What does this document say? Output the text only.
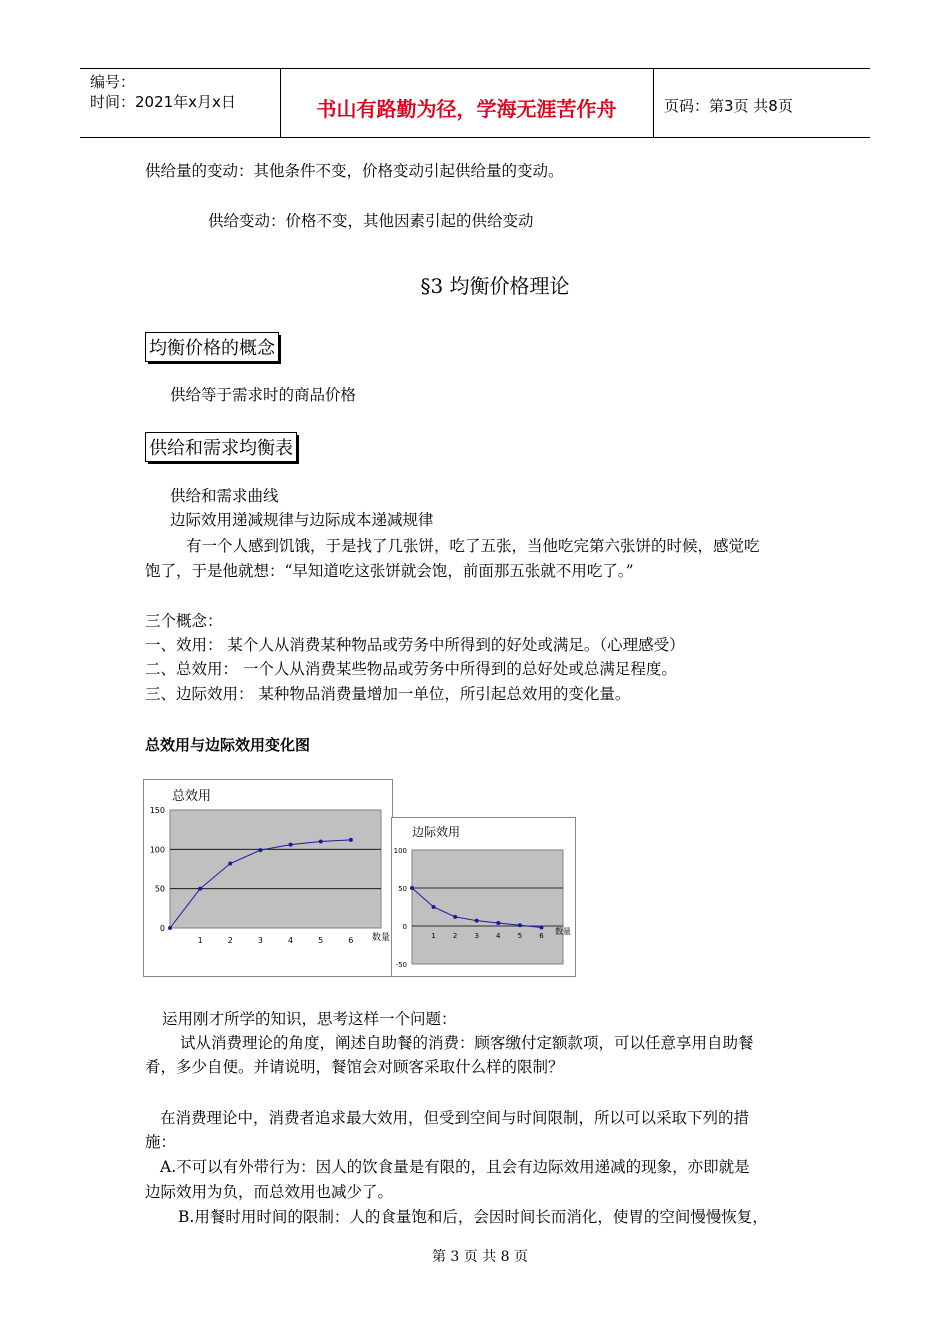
编号：
时间：2021年x月x日	书山有路勤为径，学海无涯苦作舟	页码：第3页 共8页
供给量的变动：其他条件不变，价格变动引起供给量的变动。
供给变动：价格不变，其他因素引起的供给变动
§3 均衡价格理论
均衡价格的概念
供给等于需求时的商品价格
供给和需求均衡表
供给和需求曲线
边际效用递减规律与边际成本递减规律
有一个人感到饥饿，于是找了几张饼，吃了五张，当他吃完第六张饼的时候，感觉吃
饱了，于是他就想：“早知道吃这张饼就会饱，前面那五张就不用吃了。”
三个概念：
一、效用： 某个人从消费某种物品或劳务中所得到的好处或满足。（心理感受）
二、总效用： 一个人从消费某些物品或劳务中所得到的总好处或总满足程度。
三、边际效用： 某种物品消费量增加一单位，所引起总效用的变化量。
总效用与边际效用变化图
总效用
0
50
100
150
1	2	3	4	5	6 数量
边际效用
-50
0
50
100
1 2 3 4 5 6 数量
运用刚才所学的知识，思考这样一个问题：
试从消费理论的角度，阐述自助餐的消费：顾客缴付定额款项，可以任意享用自助餐
肴，多少自便。并请说明，餐馆会对顾客采取什么样的限制？
在消费理论中，消费者追求最大效用，但受到空间与时间限制，所以可以采取下列的措
施：
A.不可以有外带行为：因人的饮食量是有限的，且会有边际效用递减的现象，亦即就是
边际效用为负，而总效用也减少了。
B.用餐时用时间的限制：人的食量饱和后，会因时间长而消化，使胃的空间慢慢恢复，
第 3 页 共 8 页
